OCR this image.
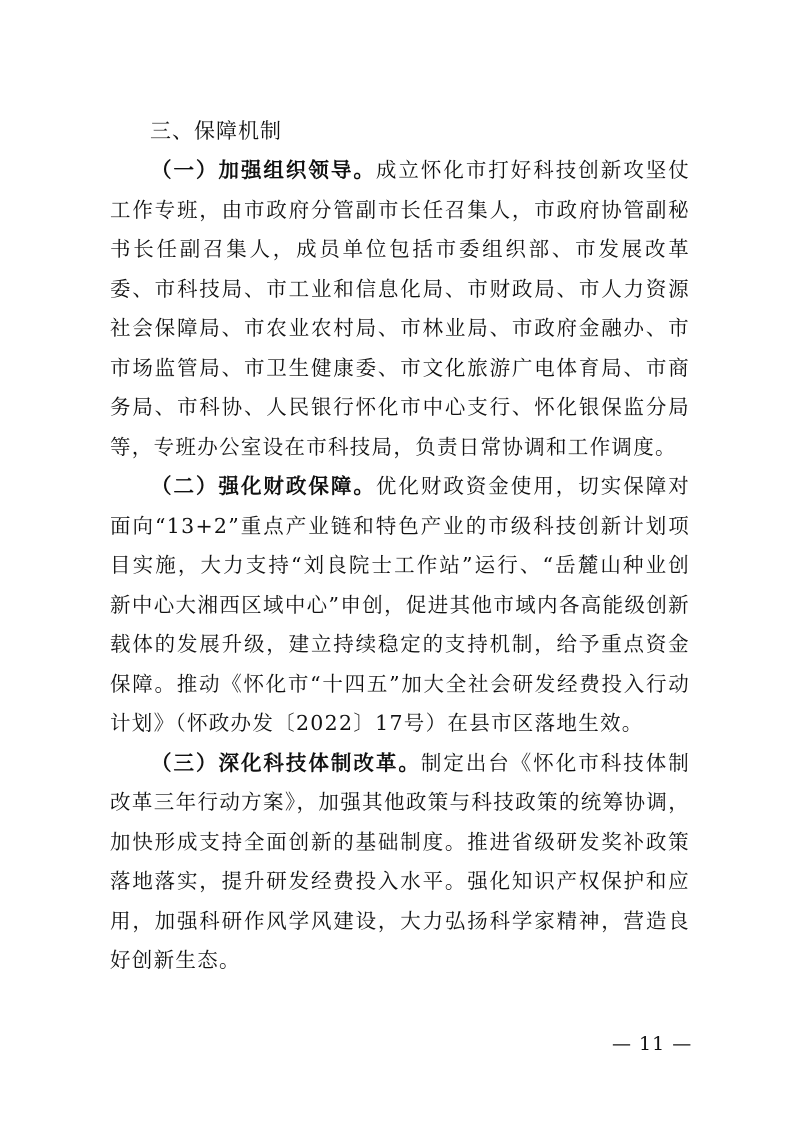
三、保障机制

（一）加强组织领导。成立怀化市打好科技创新攻坚仗工作专班，由市政府分管副市长任召集人，市政府协管副秘书长任副召集人，成员单位包括市委组织部、市发展改革委、市科技局、市工业和信息化局、市财政局、市人力资源社会保障局、市农业农村局、市林业局、市政府金融办、市市场监管局、市卫生健康委、市文化旅游广电体育局、市商务局、市科协、人民银行怀化市中心支行、怀化银保监分局等，专班办公室设在市科技局，负责日常协调和工作调度。

（二）强化财政保障。优化财政资金使用，切实保障对面向“13+2”重点产业链和特色产业的市级科技创新计划项目实施，大力支持“刘良院士工作站”运行、“岳麓山种业创新中心大湘西区域中心”申创，促进其他市域内各高能级创新载体的发展升级，建立持续稳定的支持机制，给予重点资金保障。推动《怀化市“十四五”加大全社会研发经费投入行动计划》（怀政办发〔2022〕17号）在县市区落地生效。

（三）深化科技体制改革。制定出台《怀化市科技体制改革三年行动方案》，加强其他政策与科技政策的统筹协调，加快形成支持全面创新的基础制度。推进省级研发奖补政策落地落实，提升研发经费投入水平。强化知识产权保护和应用，加强科研作风学风建设，大力弘扬科学家精神，营造良好创新生态。

— 11 —
